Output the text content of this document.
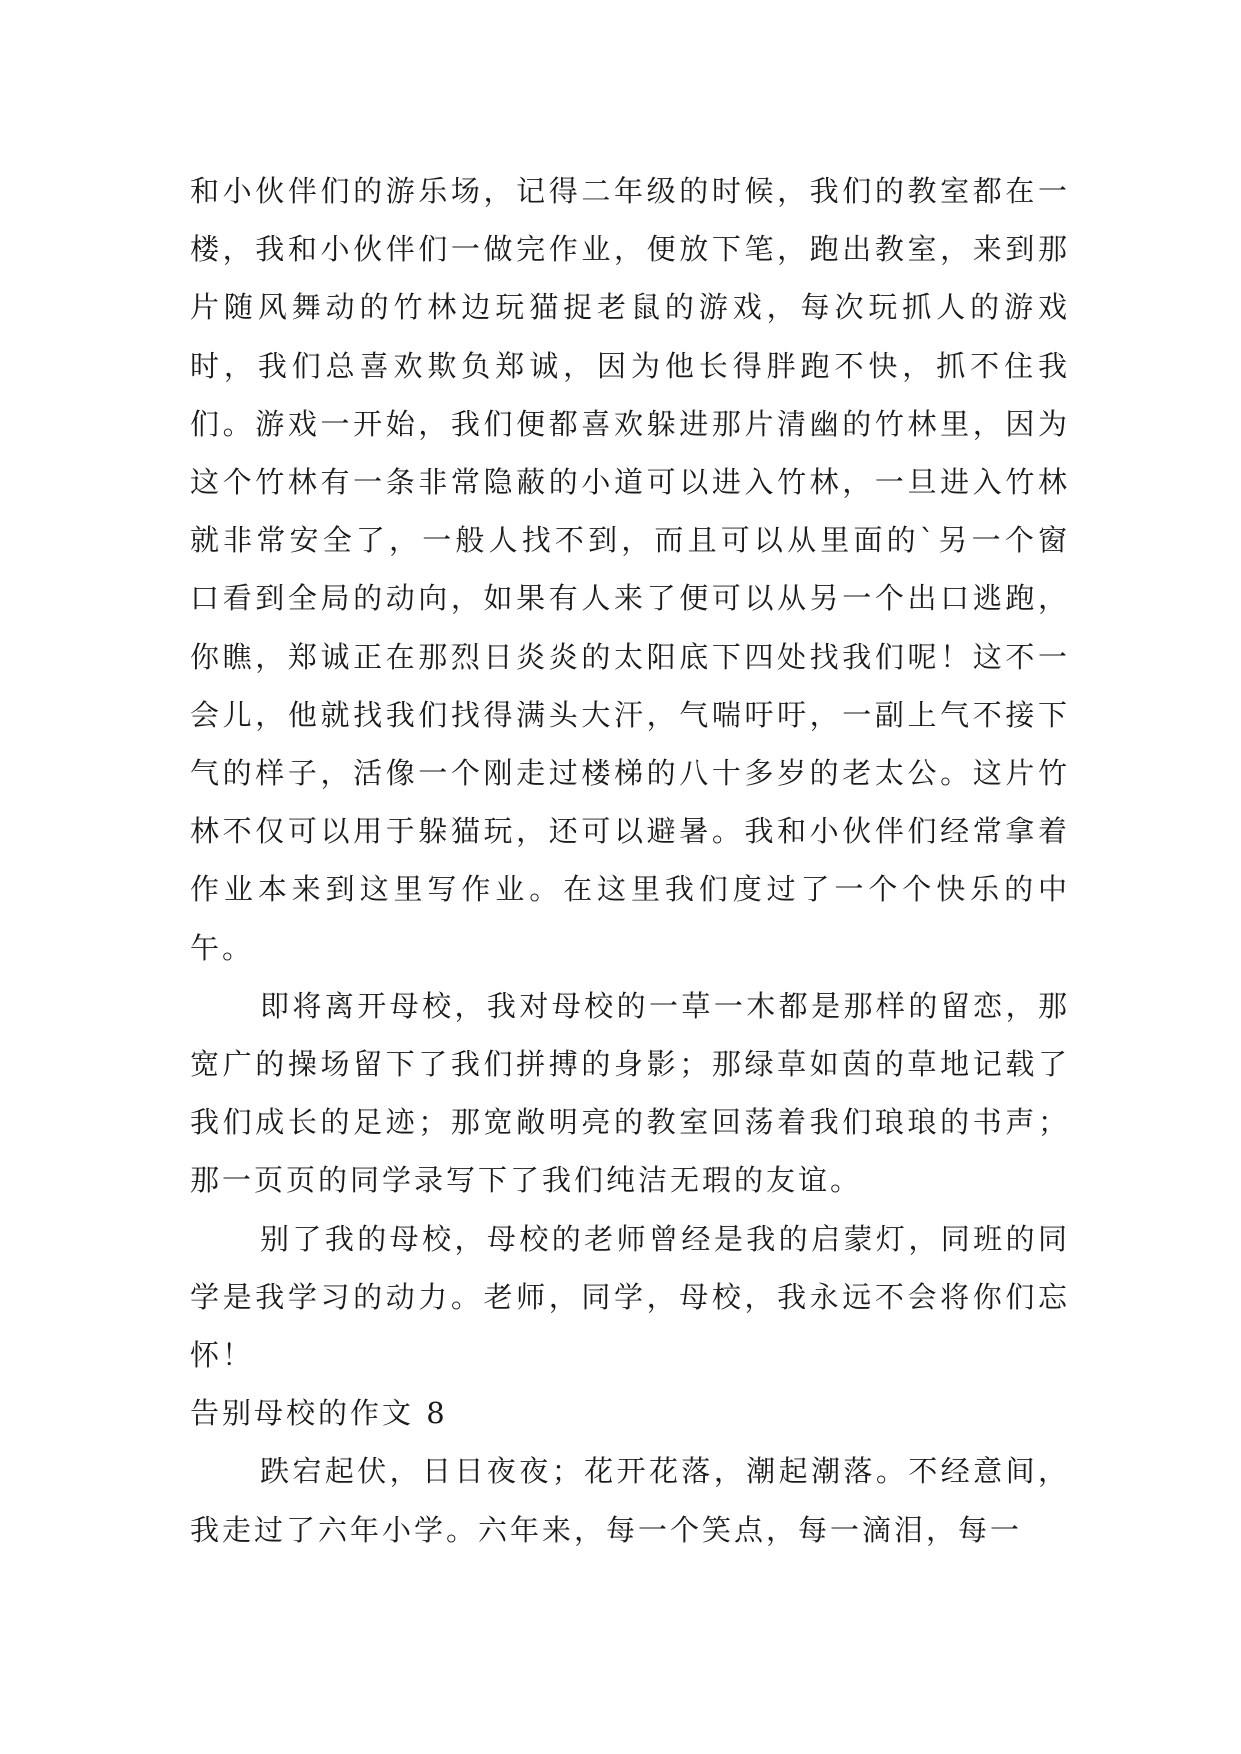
和小伙伴们的游乐场，记得二年级的时候，我们的教室都在一楼，我和小伙伴们一做完作业，便放下笔，跑出教室，来到那片随风舞动的竹林边玩猫捉老鼠的游戏，每次玩抓人的游戏时，我们总喜欢欺负郑诚，因为他长得胖跑不快，抓不住我们。游戏一开始，我们便都喜欢躲进那片清幽的竹林里，因为这个竹林有一条非常隐蔽的小道可以进入竹林，一旦进入竹林就非常安全了，一般人找不到，而且可以从里面的`另一个窗口看到全局的动向，如果有人来了便可以从另一个出口逃跑，你瞧，郑诚正在那烈日炎炎的太阳底下四处找我们呢！这不一会儿，他就找我们找得满头大汗，气喘吁吁，一副上气不接下气的样子，活像一个刚走过楼梯的八十多岁的老太公。这片竹林不仅可以用于躲猫玩，还可以避暑。我和小伙伴们经常拿着作业本来到这里写作业。在这里我们度过了一个个快乐的中午。

即将离开母校，我对母校的一草一木都是那样的留恋，那宽广的操场留下了我们拼搏的身影；那绿草如茵的草地记载了我们成长的足迹；那宽敞明亮的教室回荡着我们琅琅的书声；那一页页的同学录写下了我们纯洁无瑕的友谊。

别了我的母校，母校的老师曾经是我的启蒙灯，同班的同学是我学习的动力。老师，同学，母校，我永远不会将你们忘怀！

告别母校的作文 8

跌宕起伏，日日夜夜；花开花落，潮起潮落。不经意间，我走过了六年小学。六年来，每一个笑点，每一滴泪，每一
